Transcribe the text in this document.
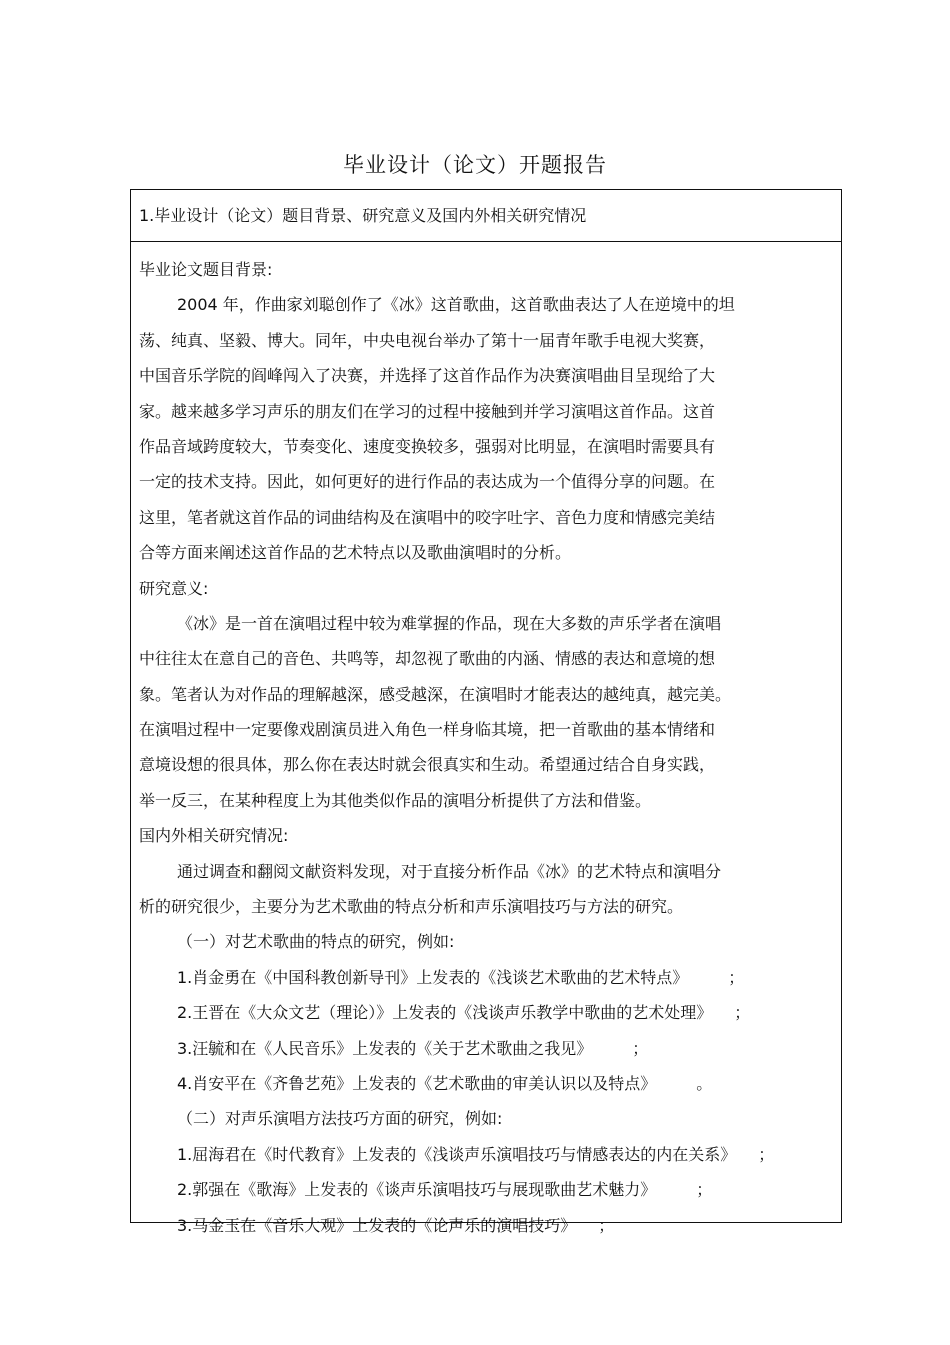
毕业设计（论文）开题报告
1.毕业设计（论文）题目背景、研究意义及国内外相关研究情况
毕业论文题目背景:
2004 年，作曲家刘聪创作了《冰》这首歌曲，这首歌曲表达了人在逆境中的坦
荡、纯真、坚毅、博大。同年，中央电视台举办了第十一届青年歌手电视大奖赛，
中国音乐学院的阎峰闯入了决赛，并选择了这首作品作为决赛演唱曲目呈现给了大
家。越来越多学习声乐的朋友们在学习的过程中接触到并学习演唱这首作品。这首
作品音域跨度较大，节奏变化、速度变换较多，强弱对比明显，在演唱时需要具有
一定的技术支持。因此，如何更好的进行作品的表达成为一个值得分享的问题。在
这里，笔者就这首作品的词曲结构及在演唱中的咬字吐字、音色力度和情感完美结
合等方面来阐述这首作品的艺术特点以及歌曲演唱时的分析。
研究意义:
《冰》是一首在演唱过程中较为难掌握的作品，现在大多数的声乐学者在演唱
中往往太在意自己的音色、共鸣等，却忽视了歌曲的内涵、情感的表达和意境的想
象。笔者认为对作品的理解越深，感受越深，在演唱时才能表达的越纯真，越完美。
在演唱过程中一定要像戏剧演员进入角色一样身临其境，把一首歌曲的基本情绪和
意境设想的很具体，那么你在表达时就会很真实和生动。希望通过结合自身实践，
举一反三，在某种程度上为其他类似作品的演唱分析提供了方法和借鉴。
国内外相关研究情况:
通过调查和翻阅文献资料发现，对于直接分析作品《冰》的艺术特点和演唱分
析的研究很少，主要分为艺术歌曲的特点分析和声乐演唱技巧与方法的研究。
（一）对艺术歌曲的特点的研究，例如:
1.肖金勇在《中国科教创新导刊》上发表的《浅谈艺术歌曲的艺术特点》	；
2.王晋在《大众文艺（理论）》上发表的《浅谈声乐教学中歌曲的艺术处理》 ；
3.汪毓和在《人民音乐》上发表的《关于艺术歌曲之我见》	；
4.肖安平在《齐鲁艺苑》上发表的《艺术歌曲的审美认识以及特点》	。
（二）对声乐演唱方法技巧方面的研究，例如:
1.屈海君在《时代教育》上发表的《浅谈声乐演唱技巧与情感表达的内在关系》 ；
2.郭强在《歌海》上发表的《谈声乐演唱技巧与展现歌曲艺术魅力》	；
3.马金玉在《音乐大观》上发表的《论声乐的演唱技巧》 ；
